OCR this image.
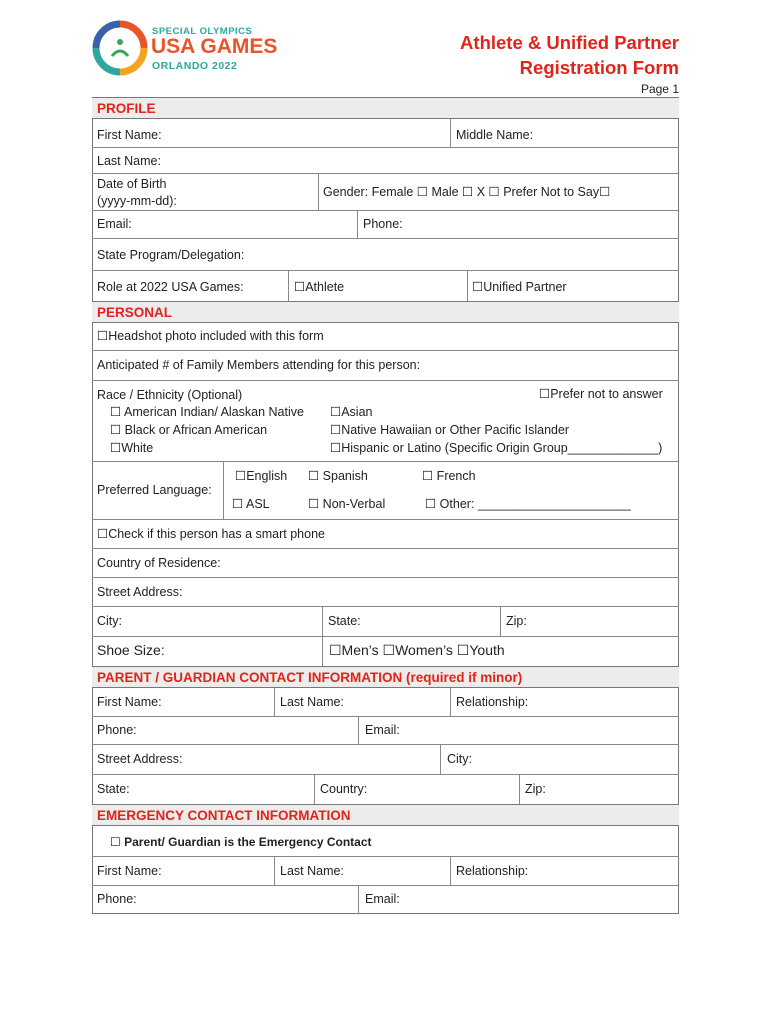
SPECIAL OLYMPICS
USA GAMES
ORLANDO 2022
Athlete & Unified Partner
Registration Form
Page 1
PROFILE
First Name:	Middle Name:
Last Name:
Date of Birth
(yyyy-mm-dd):
Gender: Female ☐ Male ☐ X ☐ Prefer Not to Say☐
Email:	Phone:
State Program/Delegation:
Role at 2022 USA Games:	☐Athlete	☐Unified Partner
PERSONAL
☐Headshot photo included with this form
Anticipated # of Family Members attending for this person:
Race / Ethnicity (Optional)	☐Prefer not to answer
☐ American Indian/ Alaskan Native ☐Asian
☐ Black or African American	☐Native Hawaiian or Other Pacific Islander
☐White	☐Hispanic or Latino (Specific Origin Group_____________)
Preferred Language:
☐English ☐ Spanish	☐ French
☐ ASL	☐ Non-Verbal	☐ Other: ______________________
☐Check if this person has a smart phone
Country of Residence:
Street Address:
City:	State:	Zip:
Shoe Size:	☐Men’s ☐Women’s ☐Youth
PARENT / GUARDIAN CONTACT INFORMATION (required if minor)
First Name:	Last Name:	Relationship:
Phone:	Email:
Street Address:	City:
State:	Country:	Zip:
EMERGENCY CONTACT INFORMATION
☐ Parent/ Guardian is the Emergency Contact
First Name:	Last Name:	Relationship:
Phone:	Email:
